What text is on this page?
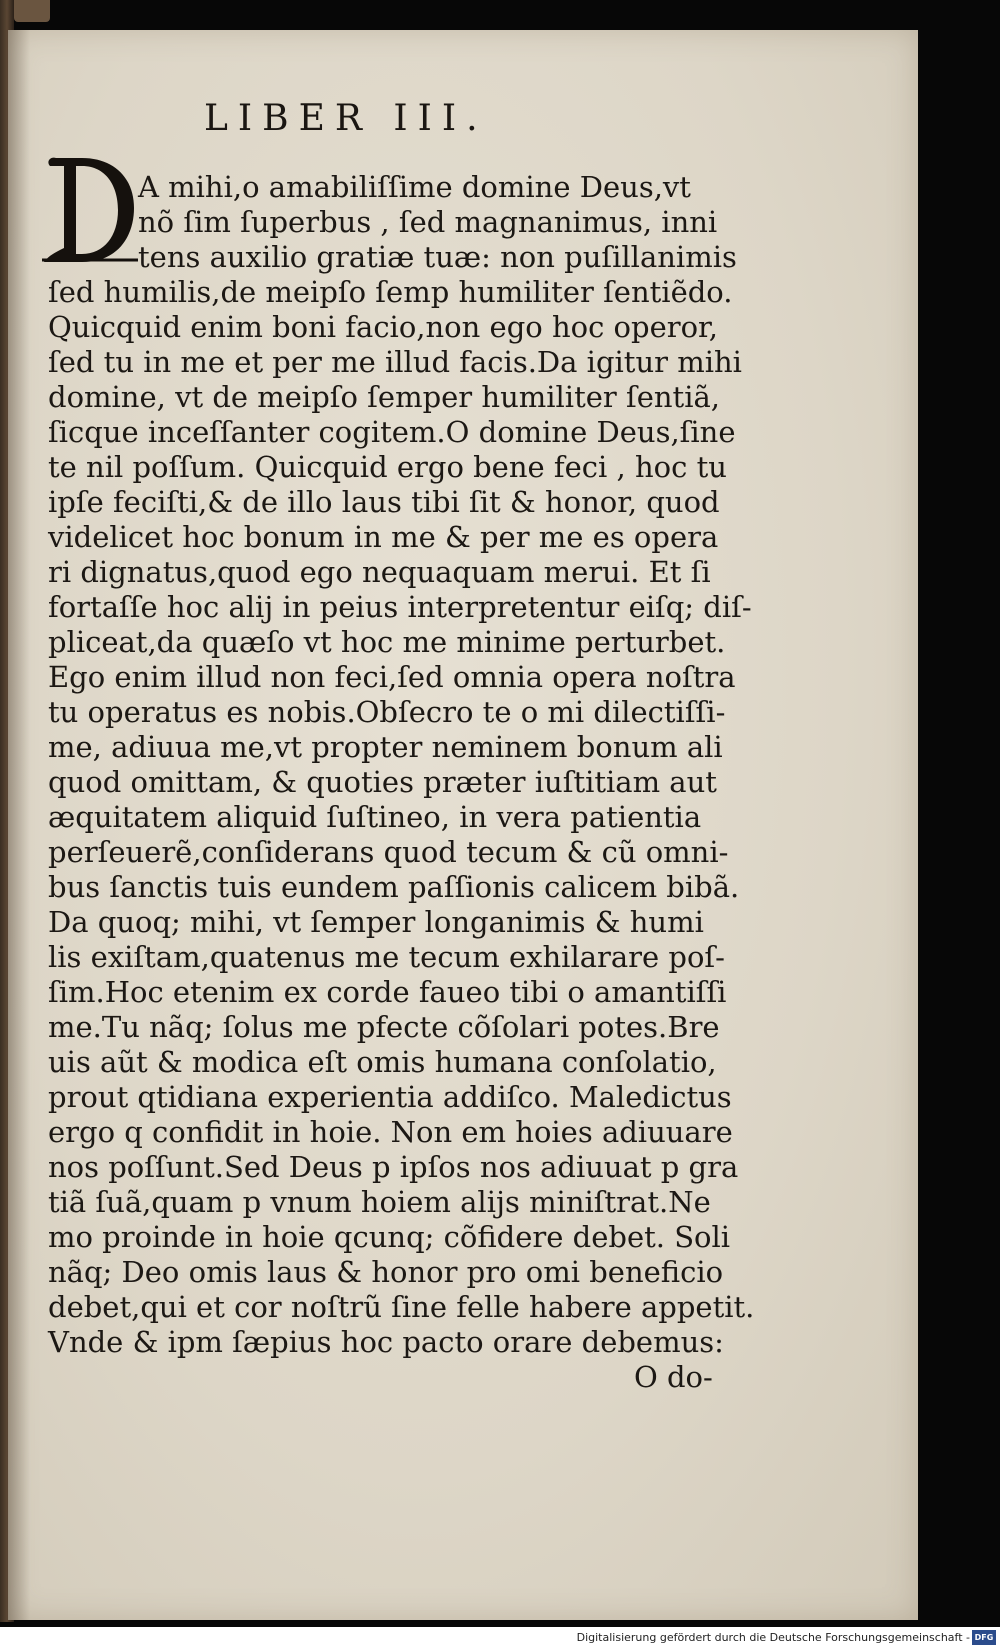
LIBER III.
D
A mihi,o amabiliſſime domine Deus,vt
nõ ſim ſuperbus , ſed magnanimus, inni
tens auxilio gratiæ tuæ: non puſillanimis
ſed humilis,de meipſo ſemp humiliter ſentiẽdo.
Quicquid enim boni facio,non ego hoc operor,
ſed tu in me et per me illud facis.Da igitur mihi
domine, vt de meipſo ſemper humiliter ſentiã,
ſicque inceſſanter cogitem.O domine Deus,ſine
te nil poſſum. Quicquid ergo bene feci , hoc tu
ipſe feciſti,& de illo laus tibi ſit & honor, quod
videlicet hoc bonum in me & per me es opera
ri dignatus,quod ego nequaquam merui. Et ſi
fortaſſe hoc alij in peius interpretentur eiſq; diſ-
pliceat,da quæſo vt hoc me minime perturbet.
Ego enim illud non feci,ſed omnia opera noſtra
tu operatus es nobis.Obſecro te o mi dilectiſſi-
me, adiuua me,vt propter neminem bonum ali
quod omittam, & quoties præter iuſtitiam aut
æquitatem aliquid ſuſtineo, in vera patientia
perſeuerẽ,conſiderans quod tecum & cũ omni-
bus ſanctis tuis eundem paſſionis calicem bibã.
Da quoq; mihi, vt ſemper longanimis & humi
lis exiſtam,quatenus me tecum exhilarare poſ-
ſim.Hoc etenim ex corde faueo tibi o amantiſſi
me.Tu nãq; ſolus me pfecte cõſolari potes.Bre
uis aũt & modica eſt omis humana conſolatio,
prout qtidiana experientia addiſco. Maledictus
ergo q confidit in hoie. Non em hoies adiuuare
nos poſſunt.Sed Deus p ipſos nos adiuuat p gra
tiã ſuã,quam p vnum hoiem alijs miniſtrat.Ne
mo proinde in hoie qcunq; cõfidere debet. Soli
nãq; Deo omis laus & honor pro omi beneficio
debet,qui et cor noſtrũ ſine felle habere appetit.
Vnde & ipm ſæpius hoc pacto orare debemus:
O do-
Digitalisierung gefördert durch die Deutsche Forschungsgemeinschaft - DFG
